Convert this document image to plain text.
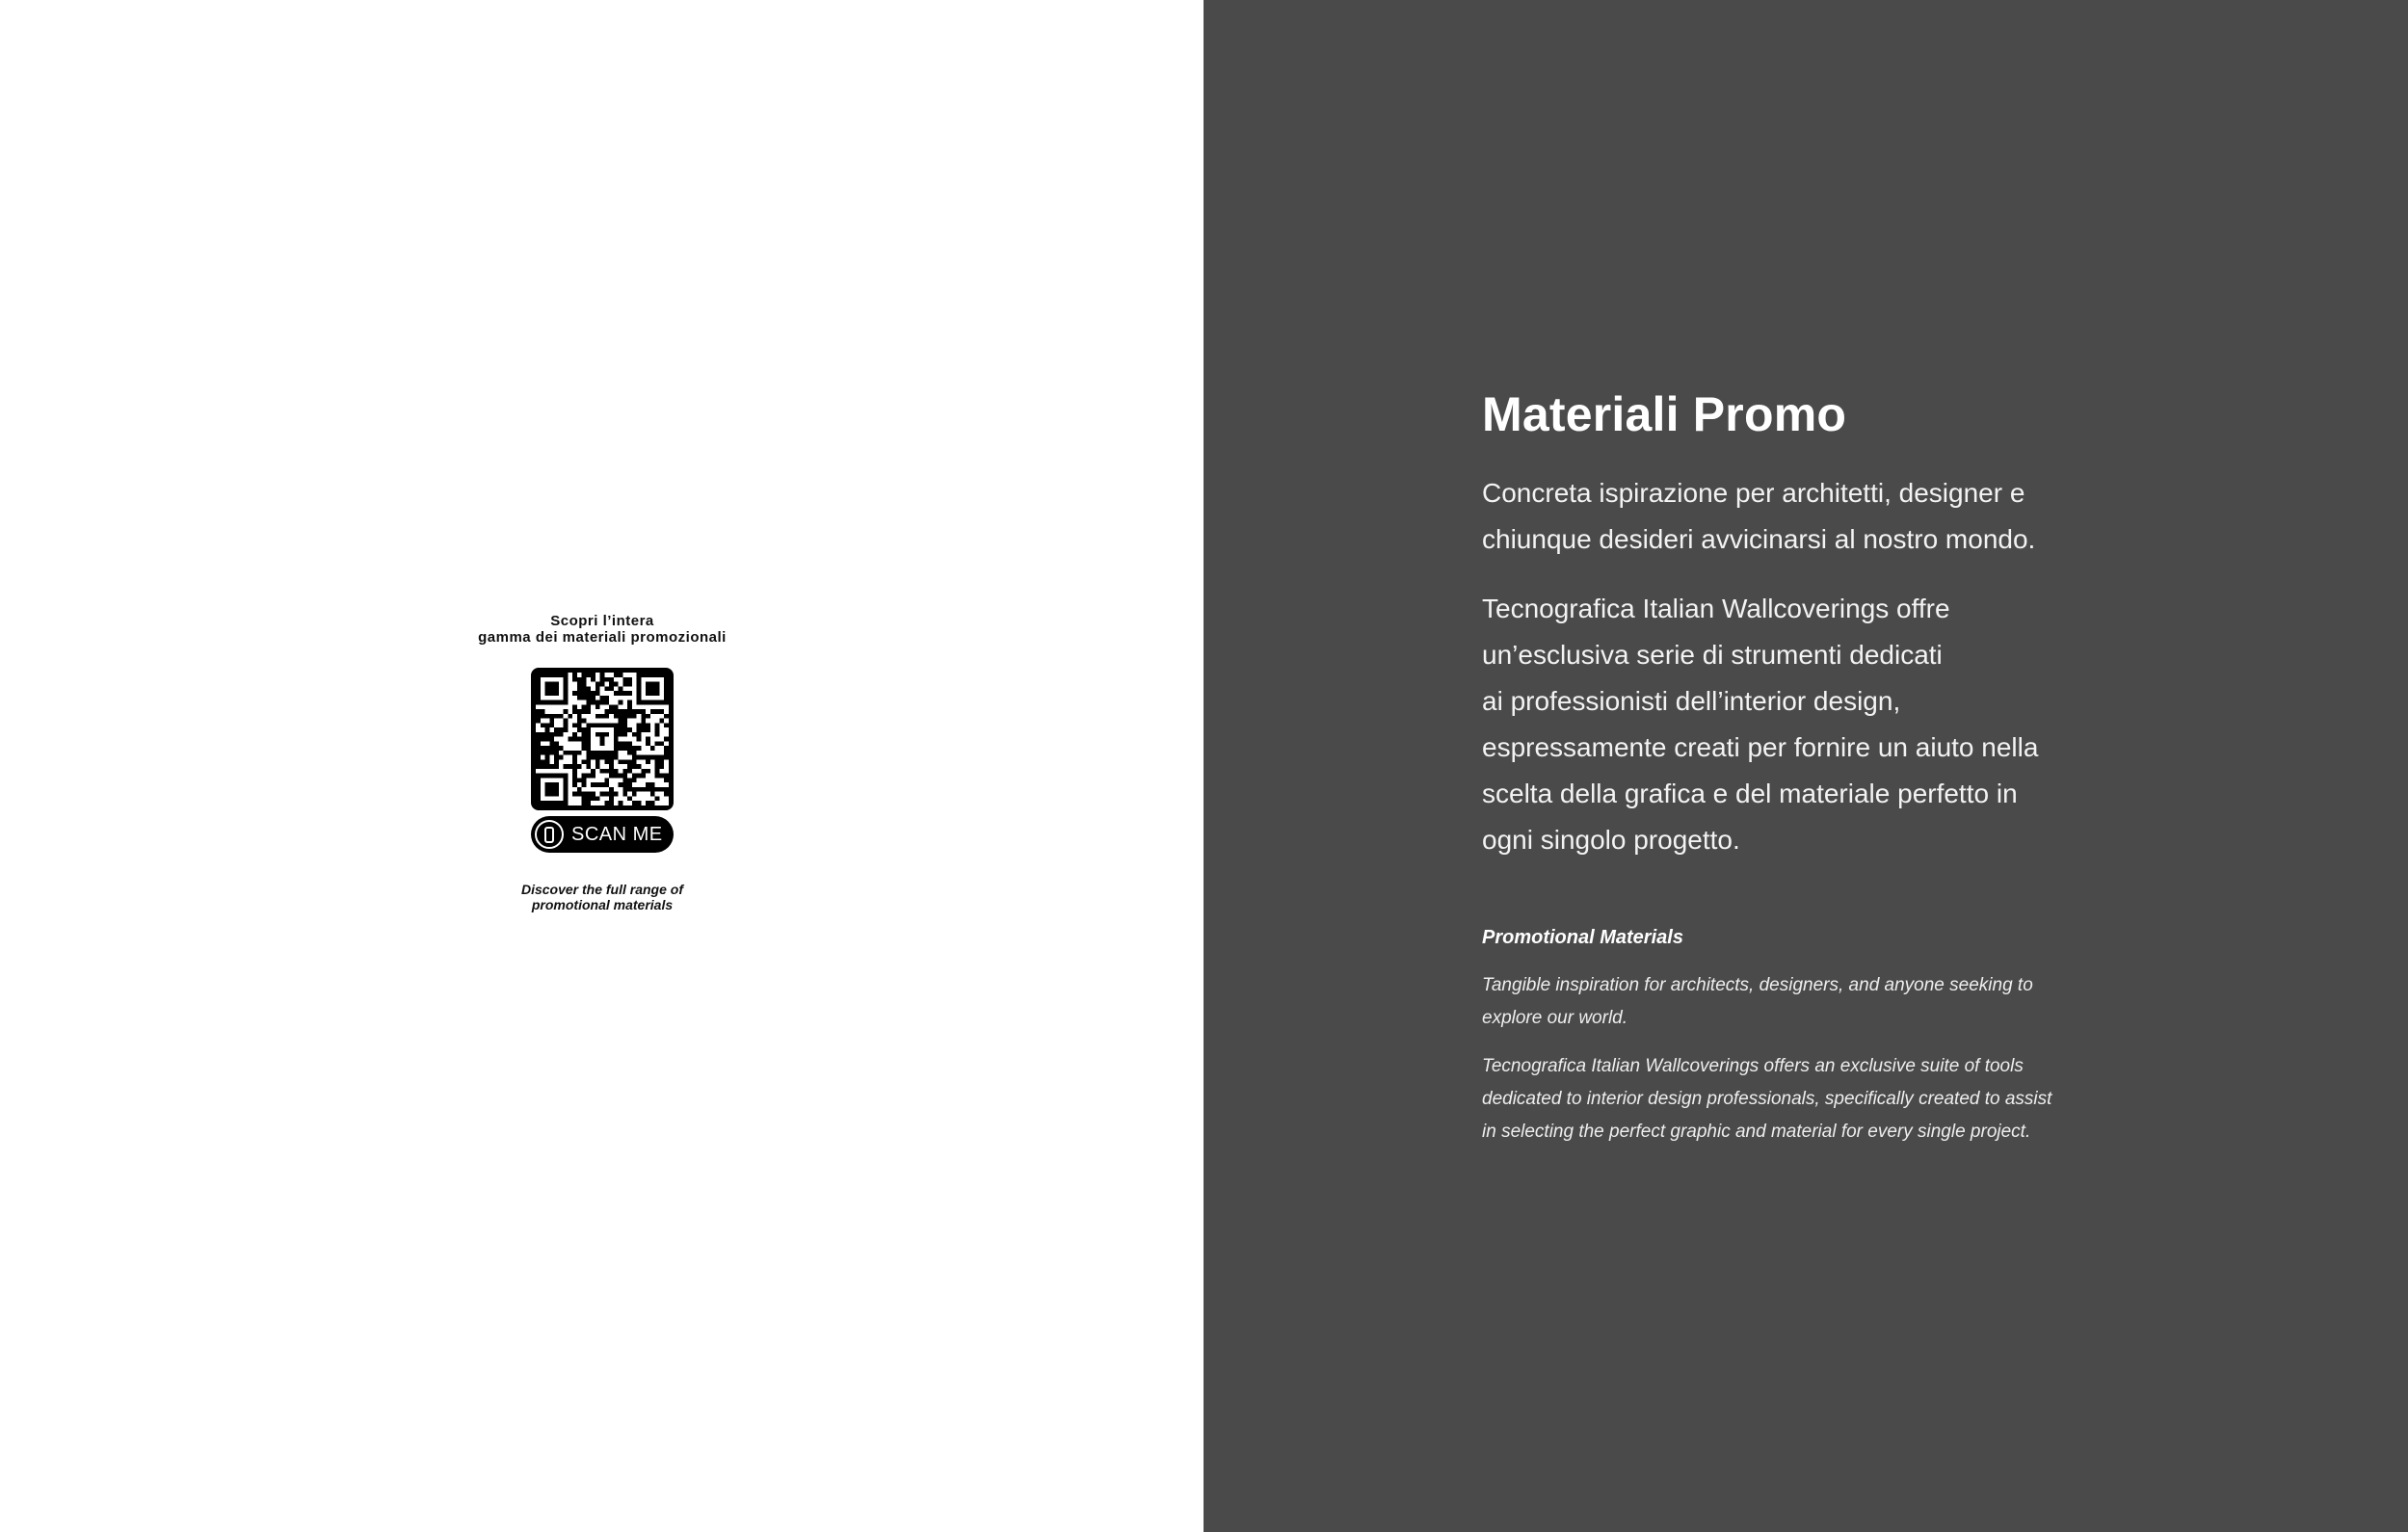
Scopri l’intera
gamma dei materiali promozionali

SCAN ME
Discover the full range of
promotional materials
Materiali Promo

Concreta ispirazione per architetti, designer e
chiunque desideri avvicinarsi al nostro mondo.

Tecnografica Italian Wallcoverings offre
un’esclusiva serie di strumenti dedicati
ai professionisti dell’interior design,
espressamente creati per fornire un aiuto nella
scelta della grafica e del materiale perfetto in
ogni singolo progetto.

Promotional Materials

Tangible inspiration for architects, designers, and anyone seeking to
explore our world.

Tecnografica Italian Wallcoverings offers an exclusive suite of tools
dedicated to interior design professionals, specifically created to assist
in selecting the perfect graphic and material for every single project.
